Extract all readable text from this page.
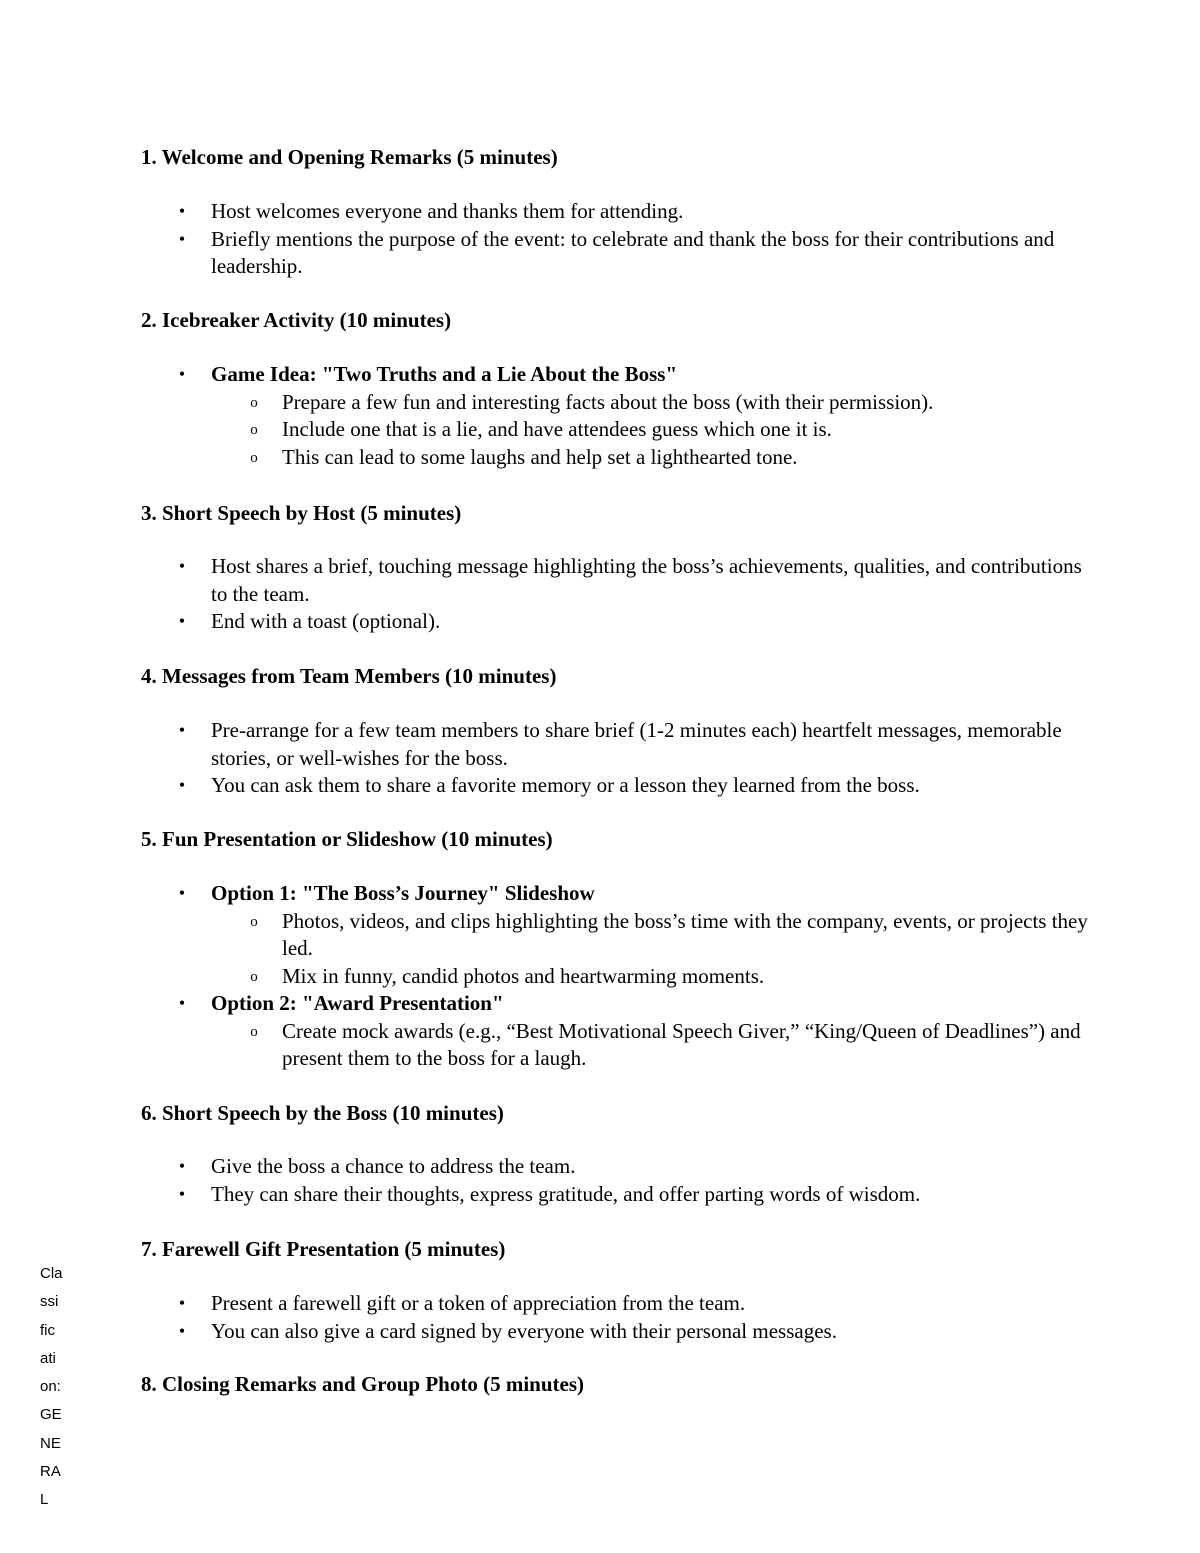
1. Welcome and Opening Remarks (5 minutes)

• Host welcomes everyone and thanks them for attending.
• Briefly mentions the purpose of the event: to celebrate and thank the boss for their contributions and leadership.

2. Icebreaker Activity (10 minutes)

• Game Idea: "Two Truths and a Lie About the Boss"
o Prepare a few fun and interesting facts about the boss (with their permission).
o Include one that is a lie, and have attendees guess which one it is.
o This can lead to some laughs and help set a lighthearted tone.

3. Short Speech by Host (5 minutes)

• Host shares a brief, touching message highlighting the boss’s achievements, qualities, and contributions to the team.
• End with a toast (optional).

4. Messages from Team Members (10 minutes)

• Pre-arrange for a few team members to share brief (1-2 minutes each) heartfelt messages, memorable stories, or well-wishes for the boss.
• You can ask them to share a favorite memory or a lesson they learned from the boss.

5. Fun Presentation or Slideshow (10 minutes)

• Option 1: "The Boss’s Journey" Slideshow
o Photos, videos, and clips highlighting the boss’s time with the company, events, or projects they led.
o Mix in funny, candid photos and heartwarming moments.
• Option 2: "Award Presentation"
o Create mock awards (e.g., “Best Motivational Speech Giver,” “King/Queen of Deadlines”) and present them to the boss for a laugh.

6. Short Speech by the Boss (10 minutes)

• Give the boss a chance to address the team.
• They can share their thoughts, express gratitude, and offer parting words of wisdom.

7. Farewell Gift Presentation (5 minutes)

• Present a farewell gift or a token of appreciation from the team.
• You can also give a card signed by everyone with their personal messages.

8. Closing Remarks and Group Photo (5 minutes)

Cla
ssi
fic
ati
on:
GE
NE
RA
L
